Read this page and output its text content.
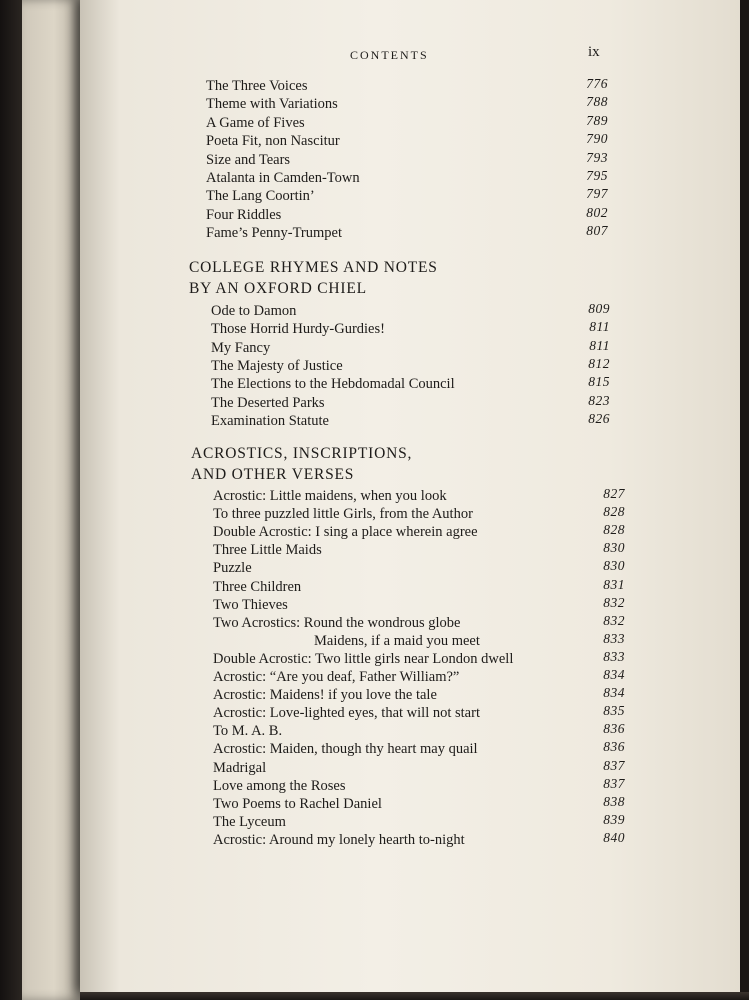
CONTENTS	ix
The Three Voices	776
Theme with Variations	788
A Game of Fives	789
Poeta Fit, non Nascitur	790
Size and Tears	793
Atalanta in Camden-Town	795
The Lang Coortin’	797
Four Riddles	802
Fame’s Penny-Trumpet	807
COLLEGE RHYMES AND NOTES
BY AN OXFORD CHIEL
Ode to Damon	809
Those Horrid Hurdy-Gurdies!	811
My Fancy	811
The Majesty of Justice	812
The Elections to the Hebdomadal Council	815
The Deserted Parks	823
Examination Statute	826
ACROSTICS, INSCRIPTIONS,
AND OTHER VERSES
Acrostic: Little maidens, when you look	827
To three puzzled little Girls, from the Author	828
Double Acrostic: I sing a place wherein agree	828
Three Little Maids	830
Puzzle	830
Three Children	831
Two Thieves	832
Two Acrostics: Round the wondrous globe	832
Maidens, if a maid you meet	833
Double Acrostic: Two little girls near London dwell	833
Acrostic: “Are you deaf, Father William?”	834
Acrostic: Maidens! if you love the tale	834
Acrostic: Love-lighted eyes, that will not start	835
To M. A. B.	836
Acrostic: Maiden, though thy heart may quail	836
Madrigal	837
Love among the Roses	837
Two Poems to Rachel Daniel	838
The Lyceum	839
Acrostic: Around my lonely hearth to-night	840
